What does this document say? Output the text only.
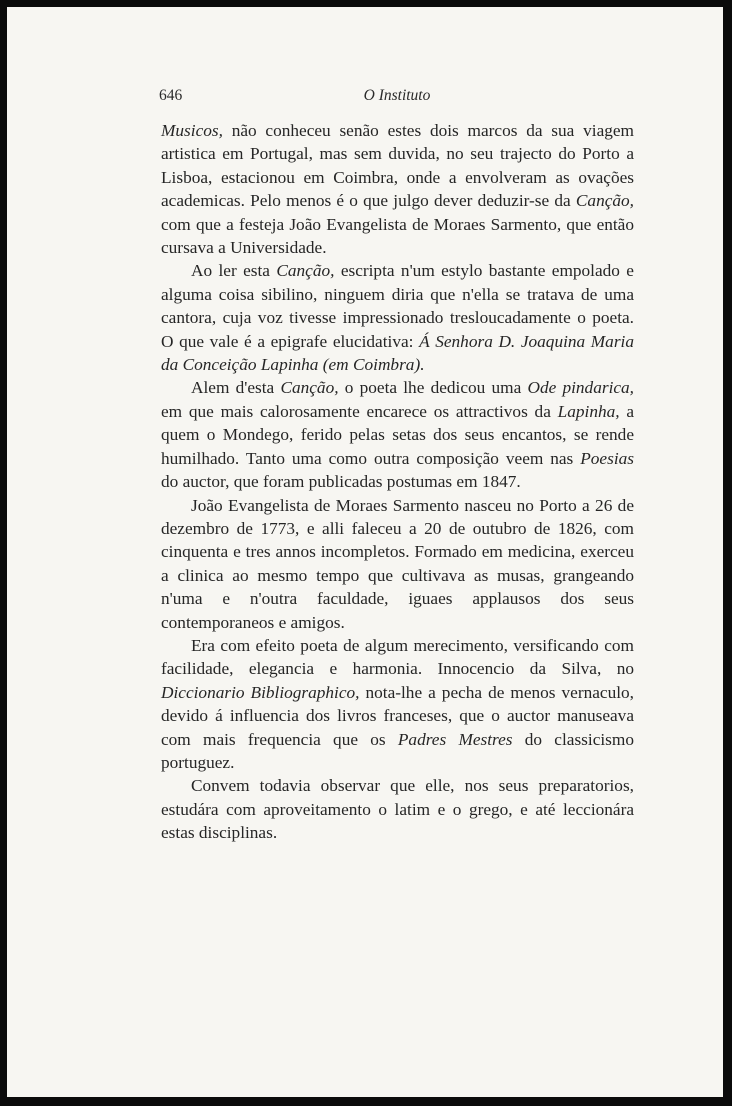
646	O Instituto

Musicos, não conheceu senão estes dois marcos da sua viagem artistica em Portugal, mas sem duvida, no seu trajecto do Porto a Lisboa, estacionou em Coimbra, onde a envolveram as ovações academicas. Pelo menos é o que julgo dever deduzir-se da Canção, com que a festeja João Evangelista de Moraes Sarmento, que então cursava a Universidade.

Ao ler esta Canção, escripta n'um estylo bastante empolado e alguma coisa sibilino, ninguem diria que n'ella se tratava de uma cantora, cuja voz tivesse impressionado tresloucadamente o poeta. O que vale é a epigrafe elucidativa: Á Senhora D. Joaquina Maria da Conceição Lapinha (em Coimbra).

Alem d'esta Canção, o poeta lhe dedicou uma Ode pindarica, em que mais calorosamente encarece os attractivos da Lapinha, a quem o Mondego, ferido pelas setas dos seus encantos, se rende humilhado. Tanto uma como outra composição veem nas Poesias do auctor, que foram publicadas postumas em 1847.

João Evangelista de Moraes Sarmento nasceu no Porto a 26 de dezembro de 1773, e alli faleceu a 20 de outubro de 1826, com cinquenta e tres annos incompletos. Formado em medicina, exerceu a clinica ao mesmo tempo que cultivava as musas, grangeando n'uma e n'outra faculdade, iguaes applausos dos seus contemporaneos e amigos.

Era com efeito poeta de algum merecimento, versificando com facilidade, elegancia e harmonia. Innocencio da Silva, no Diccionario Bibliographico, nota-lhe a pecha de menos vernaculo, devido á influencia dos livros franceses, que o auctor manuseava com mais frequencia que os Padres Mestres do classicismo portuguez.

Convem todavia observar que elle, nos seus preparatorios, estudára com aproveitamento o latim e o grego, e até leccionára estas disciplinas.
